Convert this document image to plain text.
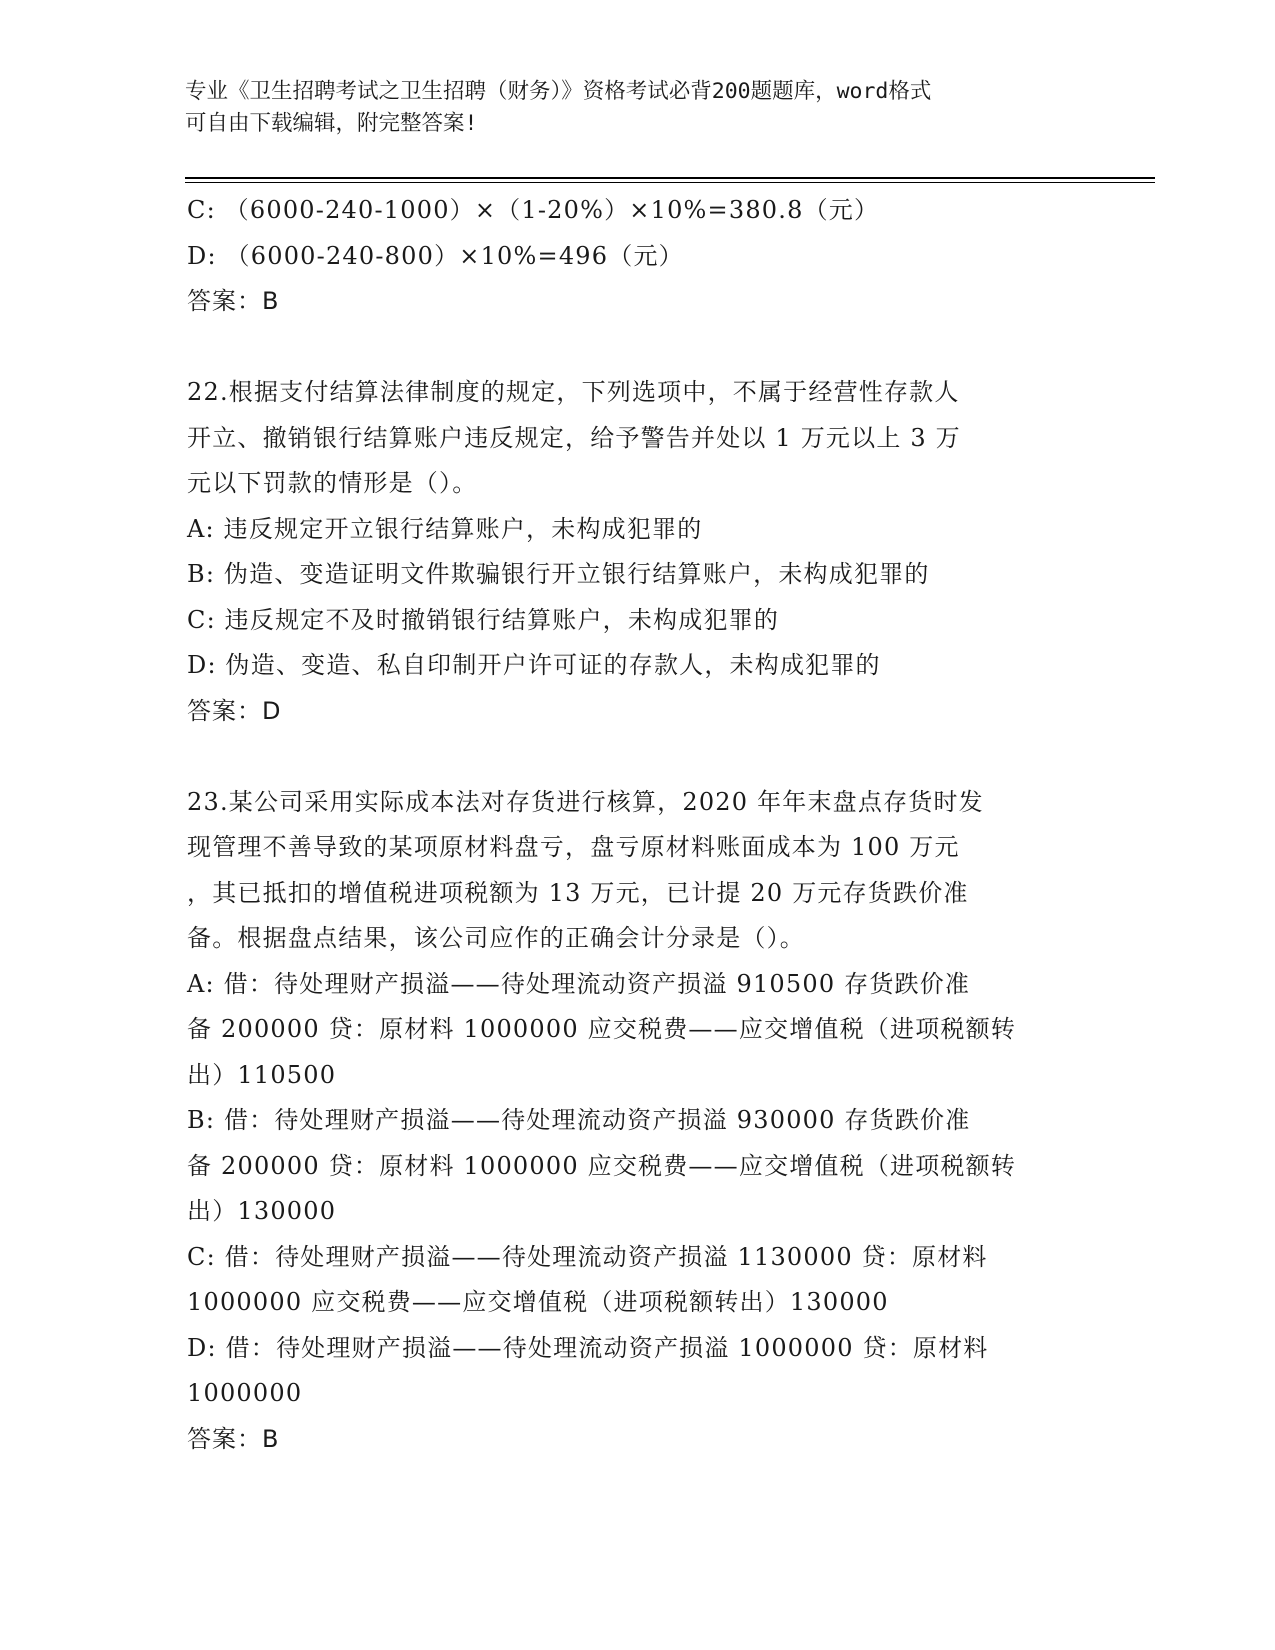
专业《卫生招聘考试之卫生招聘（财务）》资格考试必背200题题库，word格式
可自由下载编辑，附完整答案!

C: （6000-240-1000）×（1-20%）×10%=380.8（元）

D: （6000-240-800）×10%=496（元）

答案：B

22.根据支付结算法律制度的规定，下列选项中，不属于经营性存款人

开立、撤销银行结算账户违反规定，给予警告并处以 1 万元以上 3 万

元以下罚款的情形是（）。

A: 违反规定开立银行结算账户，未构成犯罪的

B: 伪造、变造证明文件欺骗银行开立银行结算账户，未构成犯罪的

C: 违反规定不及时撤销银行结算账户，未构成犯罪的

D: 伪造、变造、私自印制开户许可证的存款人，未构成犯罪的

答案：D

23.某公司采用实际成本法对存货进行核算，2020 年年末盘点存货时发

现管理不善导致的某项原材料盘亏，盘亏原材料账面成本为 100 万元

，其已抵扣的增值税进项税额为 13 万元，已计提 20 万元存货跌价准

备。根据盘点结果，该公司应作的正确会计分录是（）。

A: 借：待处理财产损溢——待处理流动资产损溢 910500 存货跌价准

备 200000 贷：原材料 1000000 应交税费——应交增值税（进项税额转

出）110500

B: 借：待处理财产损溢——待处理流动资产损溢 930000 存货跌价准

备 200000 贷：原材料 1000000 应交税费——应交增值税（进项税额转

出）130000

C: 借：待处理财产损溢——待处理流动资产损溢 1130000 贷：原材料

1000000 应交税费——应交增值税（进项税额转出）130000

D: 借：待处理财产损溢——待处理流动资产损溢 1000000 贷：原材料

1000000

答案：B
